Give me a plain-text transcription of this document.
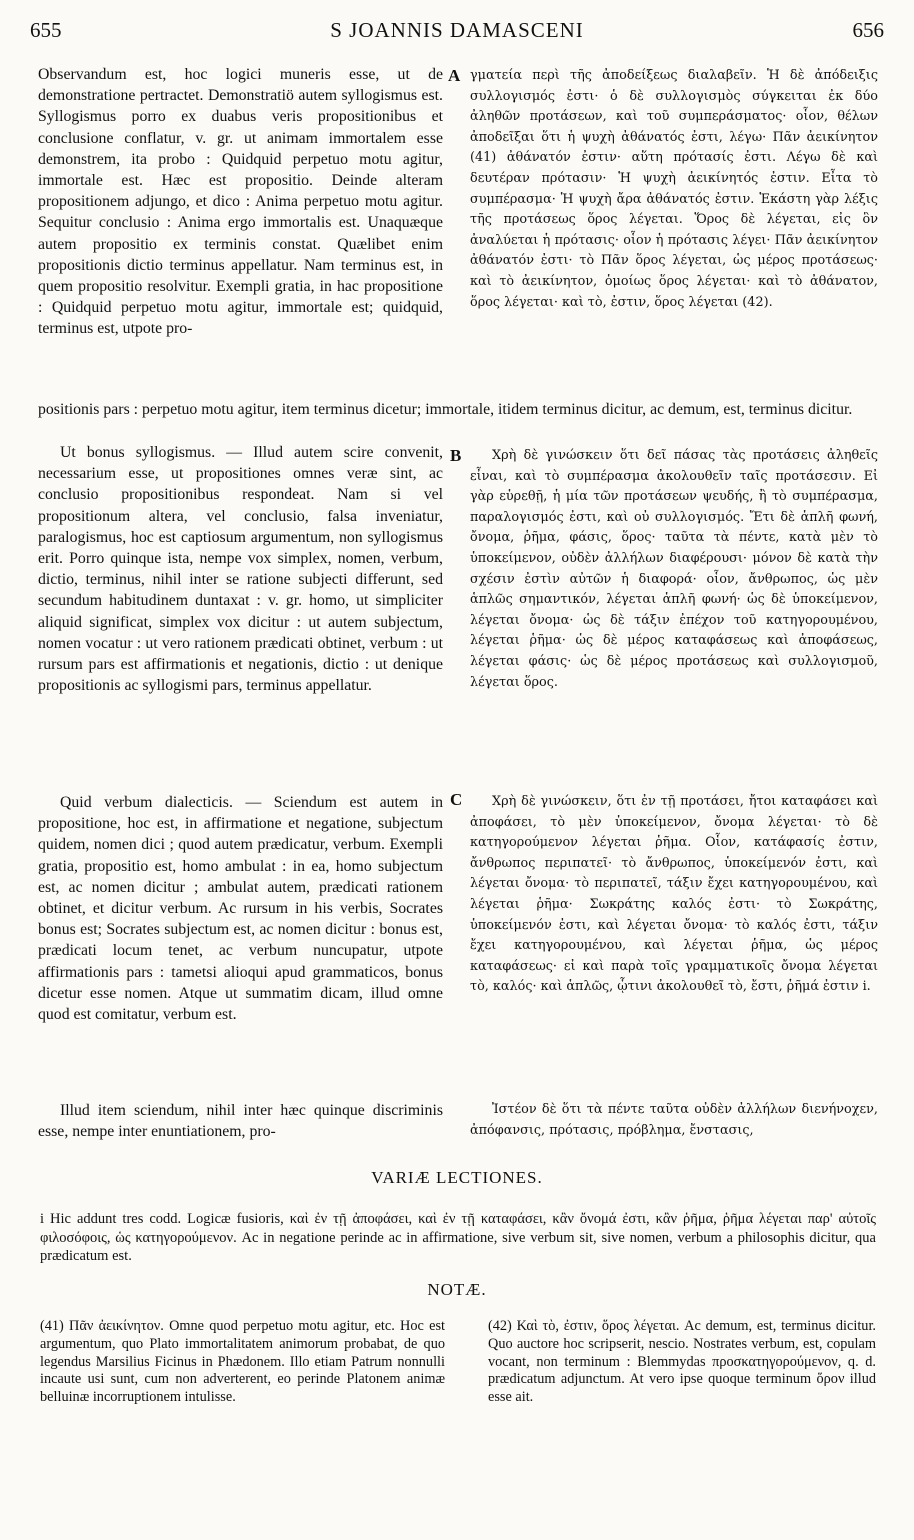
655	S JOANNIS DAMASCENI	656
A
B
C

Observandum est, hoc logici muneris esse, ut de demonstratione pertractet. Demonstratiö autem syllogismus est. Syllogismus porro ex duabus veris propositionibus et conclusione conflatur, v. gr. ut animam immortalem esse demonstrem, ita probo : Quidquid perpetuo motu agitur, immortale est. Hæc est propositio. Deinde alteram propositionem adjungo, et dico : Anima perpetuo motu agitur. Sequitur conclusio : Anima ergo immortalis est. Unaquæque autem propositio ex terminis constat. Quælibet enim propositionis dictio terminus appellatur. Nam terminus est, in quem propositio resolvitur. Exempli gratia, in hac propositione : Quidquid perpetuo motu agitur, immortale est; quidquid, terminus est, utpote pro-

γματεία περὶ τῆς ἀποδείξεως διαλαβεῖν. Ἡ δὲ ἀπόδειξις συλλογισμός ἐστι· ὁ δὲ συλλογισμὸς σύγκειται ἐκ δύο ἀληθῶν προτάσεων, καὶ τοῦ συμπεράσματος· οἷον, θέλων ἀποδεῖξαι ὅτι ἡ ψυχὴ ἀθάνατός ἐστι, λέγω· Πᾶν ἀεικίνητον (41) ἀθάνατόν ἐστιν· αὕτη πρότασίς ἐστι. Λέγω δὲ καὶ δευτέραν πρότασιν· Ἡ ψυχὴ ἀεικίνητός ἐστιν. Εἶτα τὸ συμπέρασμα· Ἡ ψυχὴ ἄρα ἀθάνατός ἐστιν. Ἑκάστη γὰρ λέξις τῆς προτάσεως ὅρος λέγεται. Ὅρος δὲ λέγεται, εἰς ὃν ἀναλύεται ἡ πρότασις· οἷον ἡ πρότασις λέγει· Πᾶν ἀεικίνητον ἀθάνατόν ἐστι· τὸ Πᾶν ὅρος λέγεται, ὡς μέρος προτάσεως· καὶ τὸ ἀεικίνητον, ὁμοίως ὅρος λέγεται· καὶ τὸ ἀθάνατον, ὅρος λέγεται· καὶ τὸ, ἐστιν, ὅρος λέγεται (42).

positionis pars : perpetuo motu agitur, item terminus dicetur; immortale, itidem terminus dicitur, ac demum, est, terminus dicitur.

Ut bonus syllogismus. — Illud autem scire convenit, necessarium esse, ut propositiones omnes veræ sint, ac conclusio propositionibus respondeat. Nam si vel propositionum altera, vel conclusio, falsa inveniatur, paralogismus, hoc est captiosum argumentum, non syllogismus erit. Porro quinque ista, nempe vox simplex, nomen, verbum, dictio, terminus, nihil inter se ratione subjecti differunt, sed secundum habitudinem duntaxat : v. gr. homo, ut simpliciter aliquid significat, simplex vox dicitur : ut autem subjectum, nomen vocatur : ut vero rationem prædicati obtinet, verbum : ut rursum pars est affirmationis et negationis, dictio : ut denique propositionis ac syllogismi pars, terminus appellatur.

Χρὴ δὲ γινώσκειν ὅτι δεῖ πάσας τὰς προτάσεις ἀληθεῖς εἶναι, καὶ τὸ συμπέρασμα ἀκολουθεῖν ταῖς προτάσεσιν. Εἰ γὰρ εὑρεθῇ, ἡ μία τῶν προτάσεων ψευδής, ἢ τὸ συμπέρασμα, παραλογισμός ἐστι, καὶ οὐ συλλογισμός. Ἔτι δὲ ἁπλῆ φωνή, ὄνομα, ῥῆμα, φάσις, ὅρος· ταῦτα τὰ πέντε, κατὰ μὲν τὸ ὑποκείμενον, οὐδὲν ἀλλήλων διαφέρουσι· μόνον δὲ κατὰ τὴν σχέσιν ἐστὶν αὐτῶν ἡ διαφορά· οἷον, ἄνθρωπος, ὡς μὲν ἁπλῶς σημαντικόν, λέγεται ἁπλῆ φωνή· ὡς δὲ ὑποκείμενον, λέγεται ὄνομα· ὡς δὲ τάξιν ἐπέχον τοῦ κατηγορουμένου, λέγεται ῥῆμα· ὡς δὲ μέρος καταφάσεως καὶ ἀποφάσεως, λέγεται φάσις· ὡς δὲ μέρος προτάσεως καὶ συλλογισμοῦ, λέγεται ὅρος.

Quid verbum dialecticis. — Sciendum est autem in propositione, hoc est, in affirmatione et negatione, subjectum quidem, nomen dici ; quod autem prædicatur, verbum. Exempli gratia, propositio est, homo ambulat : in ea, homo subjectum est, ac nomen dicitur ; ambulat autem, prædicati rationem obtinet, et dicitur verbum. Ac rursum in his verbis, Socrates bonus est; Socrates subjectum est, ac nomen dicitur : bonus est, prædicati locum tenet, ac verbum nuncupatur, utpote affirmationis pars : tametsi alioqui apud grammaticos, bonus dicetur esse nomen. Atque ut summatim dicam, illud omne quod est comitatur, verbum est.

Χρὴ δὲ γινώσκειν, ὅτι ἐν τῇ προτάσει, ἤτοι καταφάσει καὶ ἀποφάσει, τὸ μὲν ὑποκείμενον, ὄνομα λέγεται· τὸ δὲ κατηγορούμενον λέγεται ῥῆμα. Οἷον, κατάφασίς ἐστιν, ἄνθρωπος περιπατεῖ· τὸ ἄνθρωπος, ὑποκείμενόν ἐστι, καὶ λέγεται ὄνομα· τὸ περιπατεῖ, τάξιν ἔχει κατηγορουμένου, καὶ λέγεται ῥῆμα· Σωκράτης καλός ἐστι· τὸ Σωκράτης, ὑποκείμενόν ἐστι, καὶ λέγεται ὄνομα· τὸ καλός ἐστι, τάξιν ἔχει κατηγορουμένου, καὶ λέγεται ῥῆμα, ὡς μέρος καταφάσεως· εἰ καὶ παρὰ τοῖς γραμματικοῖς ὄνομα λέγεται τὸ, καλός· καὶ ἁπλῶς, ᾧτινι ἀκολουθεῖ τὸ, ἔστι, ῥῆμά ἐστιν i.

Illud item sciendum, nihil inter hæc quinque discriminis esse, nempe inter enuntiationem, pro-

Ἰστέον δὲ ὅτι τὰ πέντε ταῦτα οὐδὲν ἀλλήλων διενήνοχεν, ἀπόφανσις, πρότασις, πρόβλημα, ἔνστασις,

VARIÆ LECTIONES.

i Hic addunt tres codd. Logicæ fusioris, καὶ ἐν τῇ ἀποφάσει, καὶ ἐν τῇ καταφάσει, κἂν ὄνομά ἐστι, κἂν ῥῆμα, ῥῆμα λέγεται παρ' αὐτοῖς φιλοσόφοις, ὡς κατηγορούμενον. Ac in negatione perinde ac in affirmatione, sive verbum sit, sive nomen, verbum a philosophis dicitur, qua prædicatum est.

NOTÆ.

(41) Πᾶν ἀεικίνητον. Omne quod perpetuo motu agitur, etc. Hoc est argumentum, quo Plato immortalitatem animorum probabat, de quo legendus Marsilius Ficinus in Phædonem. Illo etiam Patrum nonnulli incaute usi sunt, cum non adverterent, eo perinde Platonem animæ belluinæ incorruptionem intulisse.

(42) Καὶ τὸ, ἐστιν, ὅρος λέγεται. Ac demum, est, terminus dicitur. Quo auctore hoc scripserit, nescio. Nostrates verbum, est, copulam vocant, non terminum : Blemmydas προσκατηγορούμενον, q. d. prædicatum adjunctum. At vero ipse quoque terminum ὅρον illud esse ait.
